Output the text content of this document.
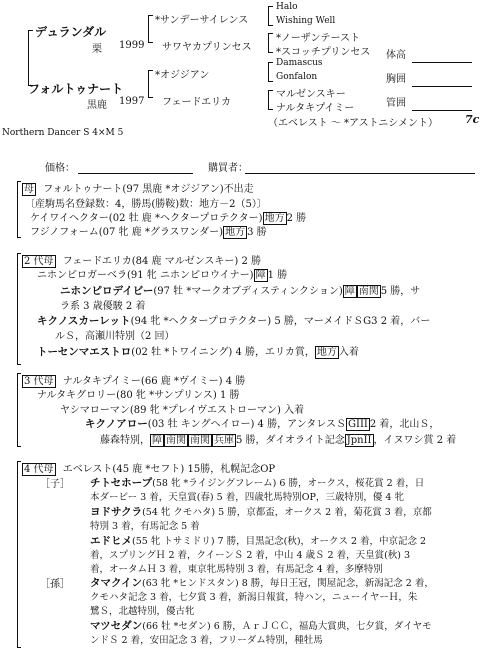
デュランダル
栗 1999
フォルトゥナート
黒鹿 1997
*サンデーサイレンス
サワヤカプリンセス
*オジジアン
フェードエリカ
Halo
Wishing Well
*ノーザンテースト
*スコッチプリンセス
Damascus
Gonfalon
マルゼンスキー
ナルタキプイミー
（エベレスト ～ *アストニシメント） 7c
体高
胸囲
管囲
Northern Dancer S 4×M 5
価格：	購買者：
母 フォルトゥナート(97 黒鹿 *オジジアン)不出走
〔産駒馬名登録数：4，勝馬(勝鞍)数：地方－2（5）〕
ケイワイヘクター(02 牡 鹿 *ヘクタープロテクター) 地方 2 勝
フジノフォーム(07 牝 鹿 *グラスワンダー) 地方 3 勝
2 代母 フェードエリカ(84 鹿 マルゼンスキー) 2 勝
ニホンピロガーベラ(91 牝 ニホンピロウイナー) 障 1 勝
ニホンピロデイビー(97 牡 *マークオブディスティンクション) 障 南関 5 勝，サ
ラ系 3 歳優駿 2 着
キクノスカーレット(94 牝 *ヘクタープロテクター) 5 勝，マーメイドＳG3 2 着，バー
ルＳ，高瀬川特別（2 回）
トーセンマエストロ(02 牡 *トワイニング) 4 勝，エリカ賞， 地方 入着
3 代母 ナルタキプイミー(66 鹿 *ヴイミー) 4 勝
ナルタキグロリー(80 牝 *サンプリンス) 1 勝
ヤシマローマン(89 牝 *プレイヴエストローマン) 入着
キクノアロー(03 牡 キングヘイロー) 4 勝，アンタレスＳ GIII 2 着，北山Ｓ，
藤森特別， 障 南関 南関 兵庫 5 勝，ダイオライト記念 JpnII ，イヌワシ賞 2 着
4 代母 エベレスト(45 鹿 *セフト) 15勝，札幌記念OP
［子］
［孫］
チトセホープ(58 牝 *ライジングフレーム) 6 勝，オークス，桜花賞 2 着，日
本ダービー 3 着，天皇賞(春) 5 着，四歳牝馬特別OP，三歳特別，優 4 牝
ヨドサクラ(54 牝 クモハタ) 5 勝，京都盃，オークス 2 着，菊花賞 3 着，京都
特別 3 着，有馬記念 5 着
エドヒメ(55 牝 トサミドリ) 7 勝，目黒記念(秋)，オークス 2 着，中京記念 2
着，スプリングＨ 2 着，クイーンＳ 2 着，中山 4 歳Ｓ 2 着，天皇賞(秋) 3
着，オータムＨ 3 着，東京牝馬特別 3 着，有馬記念 4 着，多摩特別
タマクイン(63 牝 *ヒンドスタン) 8 勝，毎日王冠，関屋記念，新潟記念 2 着，
クモハタ記念 3 着，七夕賞 3 着，新潟日報賞，特ハン，ニューイヤーＨ，朱
鷺Ｓ，北越特別，優古牝
マツセダン(66 牡 *セダン) 6 勝，ＡｒＪＣＣ，福島大賞典，七夕賞，ダイヤモ
ンドＳ 2 着，安田記念 3 着，フリーダム特別，種牡馬
